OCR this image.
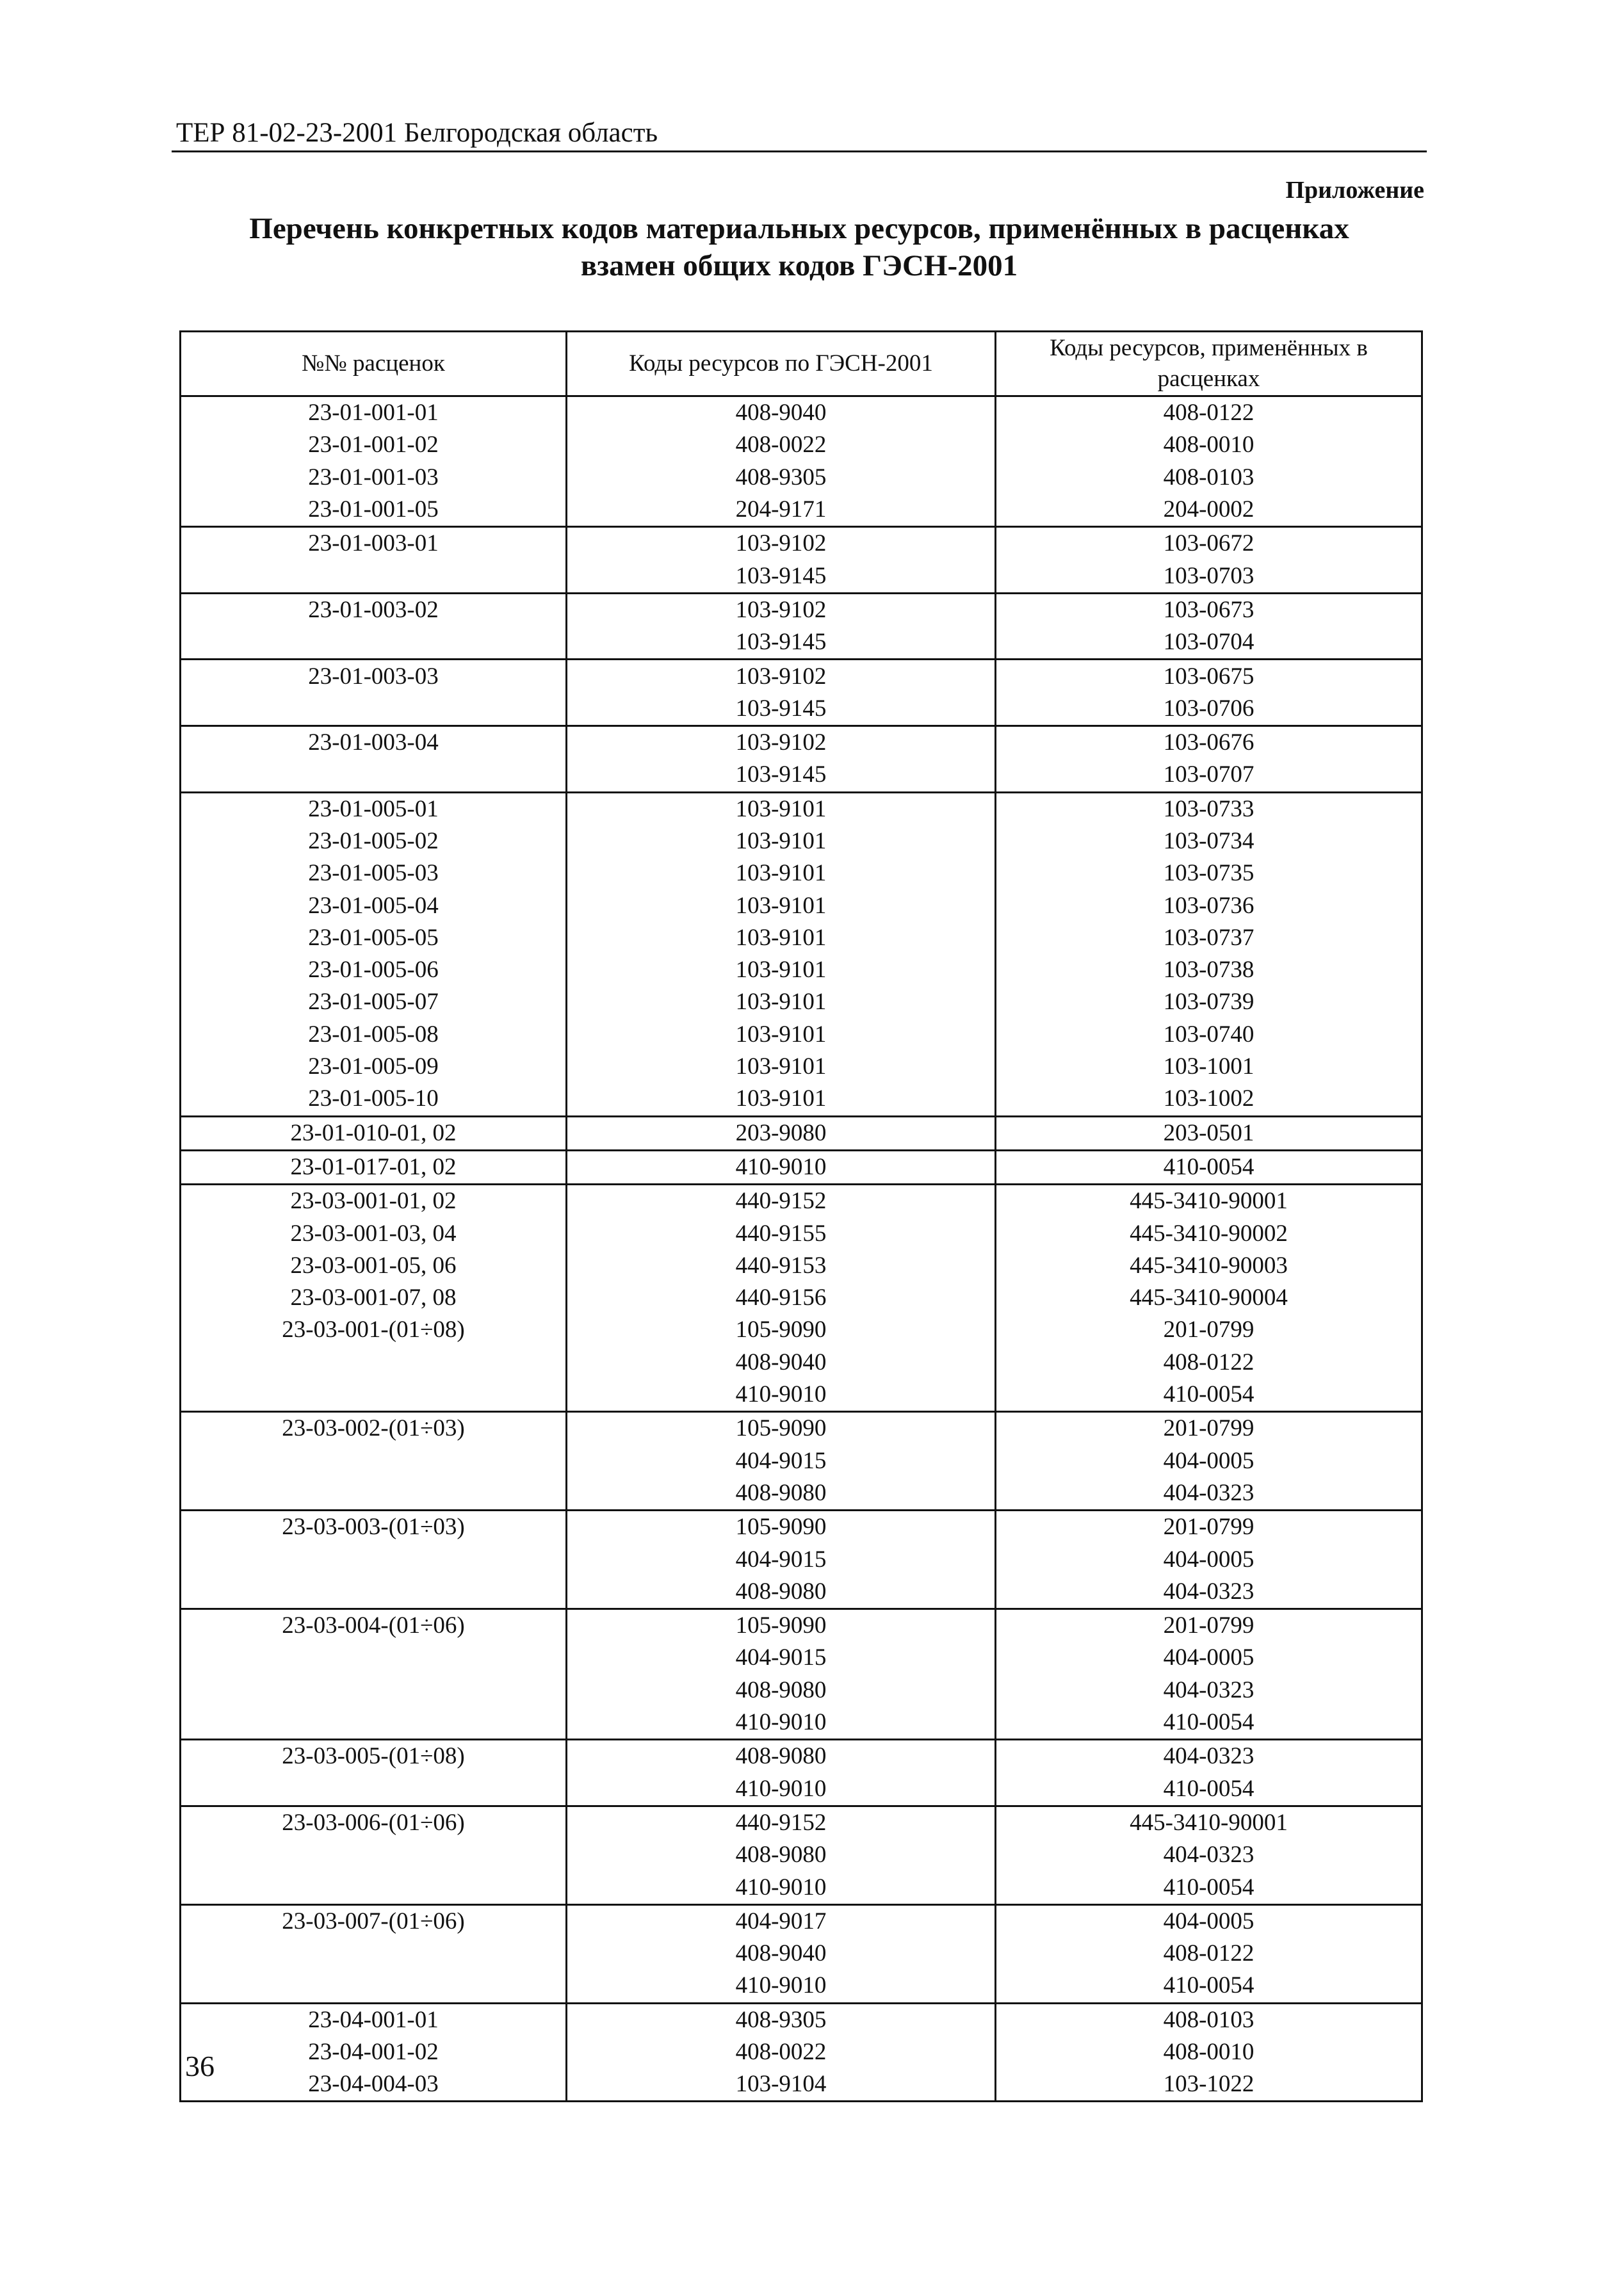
ТЕР 81-02-23-2001 Белгородская область
Приложение
Перечень конкретных кодов материальных ресурсов, применённых в расценках
взамен общих кодов ГЭСН-2001
№№ расценок	Коды ресурсов по ГЭСН-2001	Коды ресурсов, применённых в расценках
23-01-001-01	408-9040	408-0122
23-01-001-02	408-0022	408-0010
23-01-001-03	408-9305	408-0103
23-01-001-05	204-9171	204-0002
23-01-003-01	103-9102	103-0672
	103-9145	103-0703
23-01-003-02	103-9102	103-0673
	103-9145	103-0704
23-01-003-03	103-9102	103-0675
	103-9145	103-0706
23-01-003-04	103-9102	103-0676
	103-9145	103-0707
23-01-005-01	103-9101	103-0733
23-01-005-02	103-9101	103-0734
23-01-005-03	103-9101	103-0735
23-01-005-04	103-9101	103-0736
23-01-005-05	103-9101	103-0737
23-01-005-06	103-9101	103-0738
23-01-005-07	103-9101	103-0739
23-01-005-08	103-9101	103-0740
23-01-005-09	103-9101	103-1001
23-01-005-10	103-9101	103-1002
23-01-010-01, 02	203-9080	203-0501
23-01-017-01, 02	410-9010	410-0054
23-03-001-01, 02	440-9152	445-3410-90001
23-03-001-03, 04	440-9155	445-3410-90002
23-03-001-05, 06	440-9153	445-3410-90003
23-03-001-07, 08	440-9156	445-3410-90004
23-03-001-(01÷08)	105-9090	201-0799
	408-9040	408-0122
	410-9010	410-0054
23-03-002-(01÷03)	105-9090	201-0799
	404-9015	404-0005
	408-9080	404-0323
23-03-003-(01÷03)	105-9090	201-0799
	404-9015	404-0005
	408-9080	404-0323
23-03-004-(01÷06)	105-9090	201-0799
	404-9015	404-0005
	408-9080	404-0323
	410-9010	410-0054
23-03-005-(01÷08)	408-9080	404-0323
	410-9010	410-0054
23-03-006-(01÷06)	440-9152	445-3410-90001
	408-9080	404-0323
	410-9010	410-0054
23-03-007-(01÷06)	404-9017	404-0005
	408-9040	408-0122
	410-9010	410-0054
23-04-001-01	408-9305	408-0103
23-04-001-02	408-0022	408-0010
23-04-004-03	103-9104	103-1022
36
